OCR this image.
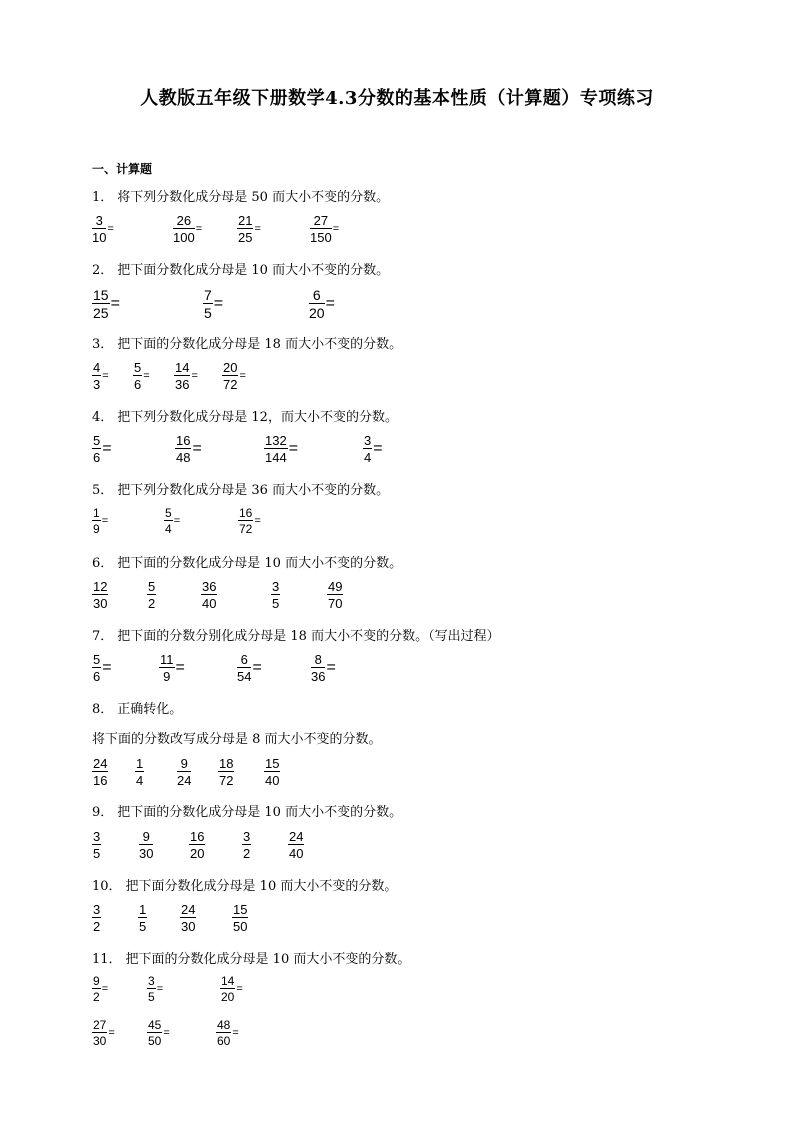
人教版五年级下册数学4.3分数的基本性质（计算题）专项练习
一、计算题
1． 将下列分数化成分母是 50 而大小不变的分数。
2． 把下面分数化成分母是 10 而大小不变的分数。
3． 把下面的分数化成分母是 18 而大小不变的分数。
4． 把下列分数化成分母是 12，而大小不变的分数。
5． 把下列分数化成分母是 36 而大小不变的分数。
6． 把下面的分数化成分母是 10 而大小不变的分数。
7． 把下面的分数分别化成分母是 18 而大小不变的分数。（写出过程）
8． 正确转化。
将下面的分数改写成分母是 8 而大小不变的分数。
9． 把下面的分数化成分母是 10 而大小不变的分数。
10． 把下面分数化成分母是 10 而大小不变的分数。
11． 把下面的分数化成分母是 10 而大小不变的分数。
$\frac{3}{10}$ =	$\frac{26}{100}$ =	$\frac{21}{25}$ =	$\frac{27}{150}$ =
$\frac{15}{25}$ =	$\frac{7}{5}$ =	$\frac{6}{20}$ =
$\frac{4}{3} = \frac{5}{6} = \frac{14}{36} = \frac{20}{72}$ =
$\frac{5}{6}$ =	$\frac{16}{48}$ =	$\frac{132}{144}$ =	$\frac{3}{4}$ =
$\frac{1}{9}$ =	$\frac{5}{4}$ =	$\frac{16}{72}$ =
$\frac{12}{30}$	$\frac{5}{2}$	$\frac{36}{40}$	$\frac{3}{5}$	$\frac{49}{70}$
$\frac{5}{6}$ =	$\frac{11}{9}$ =	$\frac{6}{54}$ =	$\frac{8}{36}$ =
$\frac{24}{16} \frac{1}{4}$	$\frac{9}{24} \frac{18}{72} \frac{15}{40}$
$\frac{3}{5}$	$\frac{9}{30}$	$\frac{16}{20}$	$\frac{3}{2}$	$\frac{24}{40}$
$\frac{3}{2}$	$\frac{1}{5}$	$\frac{24}{30}$	$\frac{15}{50}$
$\frac{9}{2}$ =	$\frac{3}{5}$ =	$\frac{14}{20}$ =
$\frac{27}{30}$ =	$\frac{45}{50}$ =	$\frac{48}{60}$ =
